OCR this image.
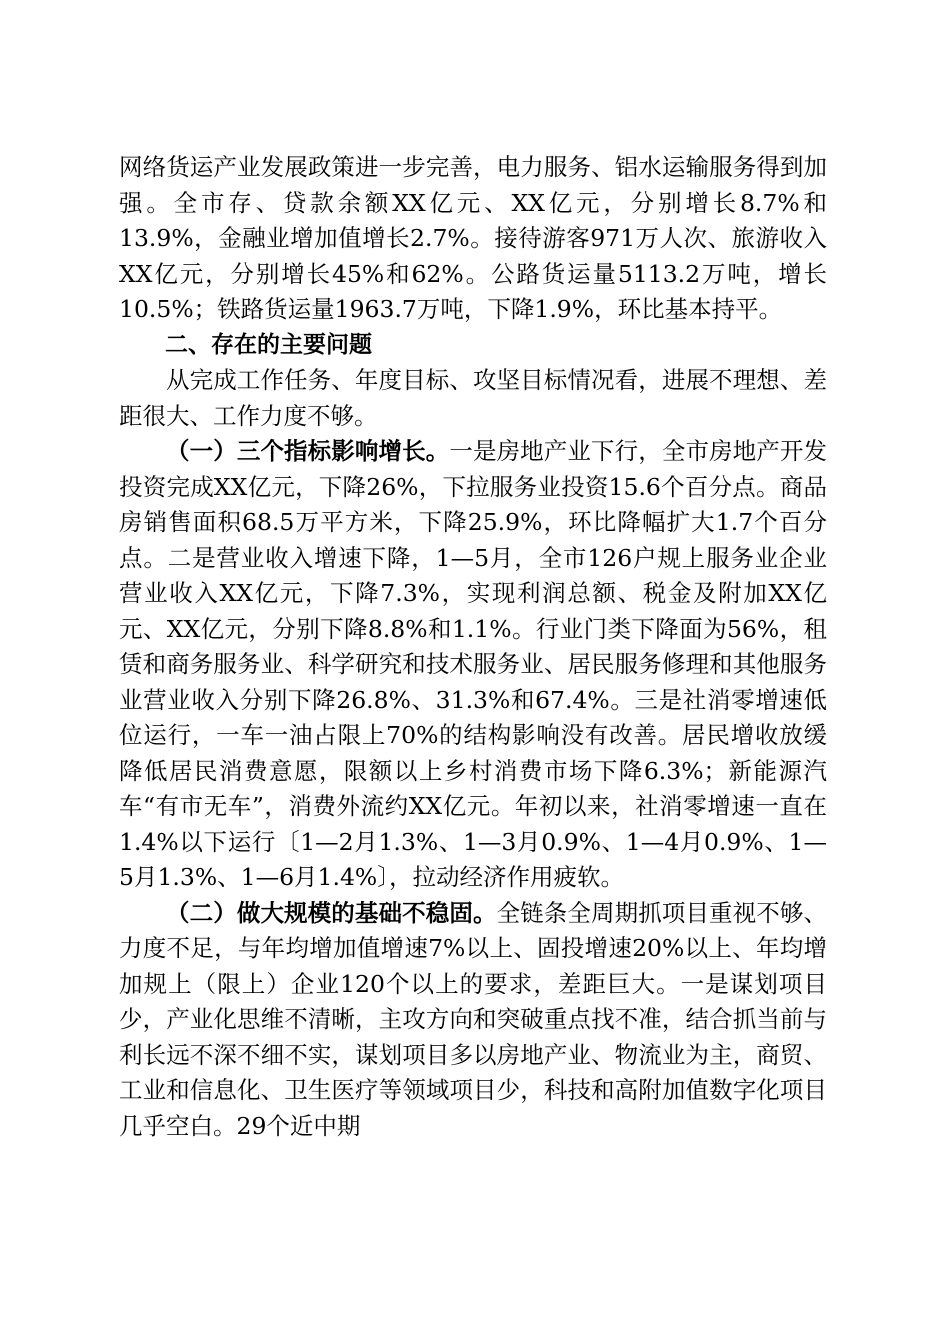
网络货运产业发展政策进一步完善，电力服务、铝水运输服务得到加强。全市存、贷款余额XX亿元、XX亿元，分别增长8.7%和13.9%，金融业增加值增长2.7%。接待游客971万人次、旅游收入XX亿元，分别增长45%和62%。公路货运量5113.2万吨，增长10.5%；铁路货运量1963.7万吨，下降1.9%，环比基本持平。

二、存在的主要问题

从完成工作任务、年度目标、攻坚目标情况看，进展不理想、差距很大、工作力度不够。

（一）三个指标影响增长。一是房地产业下行，全市房地产开发投资完成XX亿元，下降26%，下拉服务业投资15.6个百分点。商品房销售面积68.5万平方米，下降25.9%，环比降幅扩大1.7个百分点。二是营业收入增速下降，1—5月，全市126户规上服务业企业营业收入XX亿元，下降7.3%，实现利润总额、税金及附加XX亿元、XX亿元，分别下降8.8%和1.1%。行业门类下降面为56%，租赁和商务服务业、科学研究和技术服务业、居民服务修理和其他服务业营业收入分别下降26.8%、31.3%和67.4%。三是社消零增速低位运行，一车一油占限上70%的结构影响没有改善。居民增收放缓降低居民消费意愿，限额以上乡村消费市场下降6.3%；新能源汽车“有市无车”，消费外流约XX亿元。年初以来，社消零增速一直在1.4%以下运行〔1—2月1.3%、1—3月0.9%、1—4月0.9%、1—5月1.3%、1—6月1.4%〕，拉动经济作用疲软。

（二）做大规模的基础不稳固。全链条全周期抓项目重视不够、力度不足，与年均增加值增速7%以上、固投增速20%以上、年均增加规上（限上）企业120个以上的要求，差距巨大。一是谋划项目少，产业化思维不清晰，主攻方向和突破重点找不准，结合抓当前与利长远不深不细不实，谋划项目多以房地产业、物流业为主，商贸、工业和信息化、卫生医疗等领域项目少，科技和高附加值数字化项目几乎空白。29个近中期
